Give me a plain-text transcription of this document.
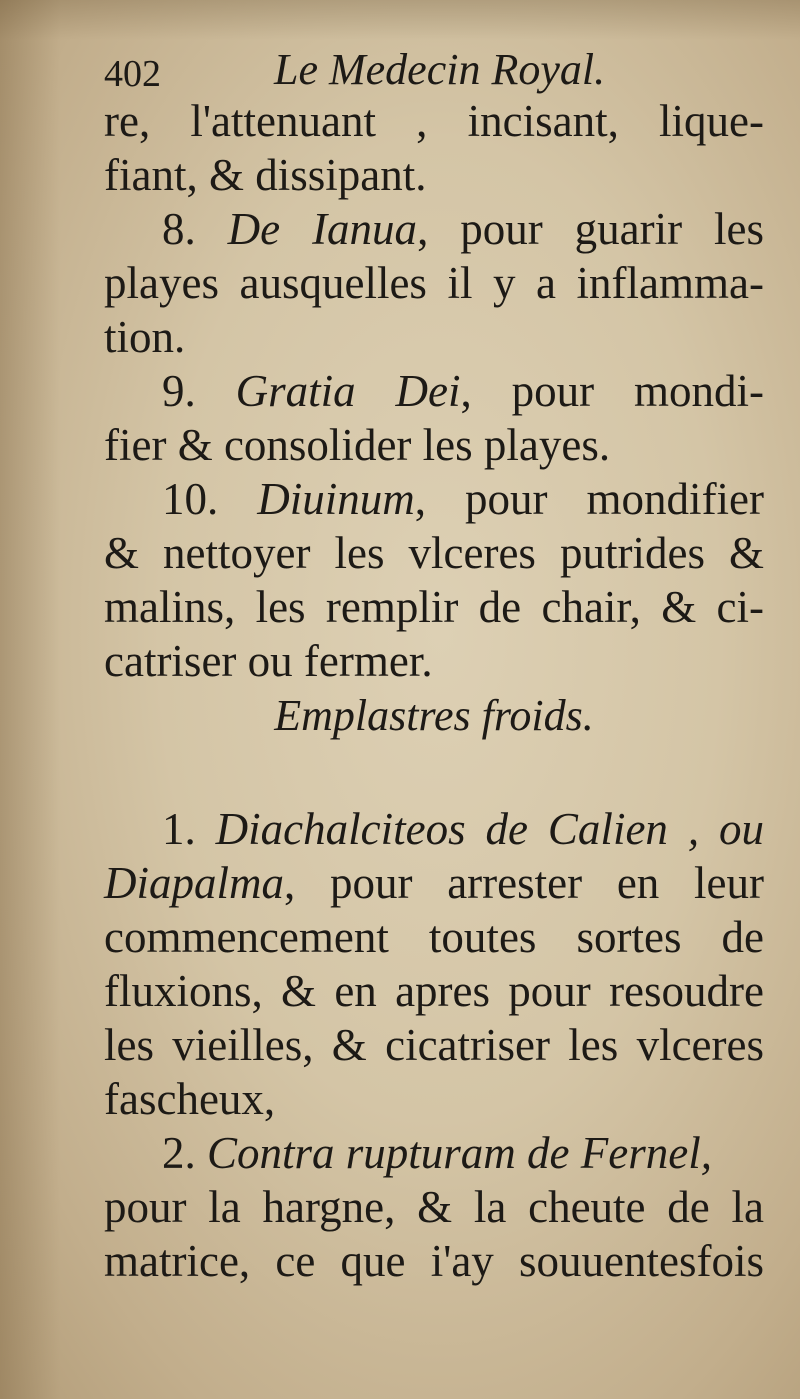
402	Le Medecin Royal.
re, l'attenuant , incisant, lique-
fiant, & dissipant.
8. De Ianua, pour guarir les
playes ausquelles il y a inflamma-
tion.
9. Gratia Dei, pour mondi-
fier & consolider les playes.
10. Diuinum, pour mondifier
& nettoyer les vlceres putrides &
malins, les remplir de chair, & ci-
catriser ou fermer.
Emplastres froids.
1. Diachalciteos de Calien , ou
Diapalma, pour arrester en leur
commencement toutes sortes de
fluxions, & en apres pour resoudre
les vieilles, & cicatriser les vlceres
fascheux,
2. Contra rupturam de Fernel,
pour la hargne, & la cheute de la
matrice, ce que i'ay souuentesfois
